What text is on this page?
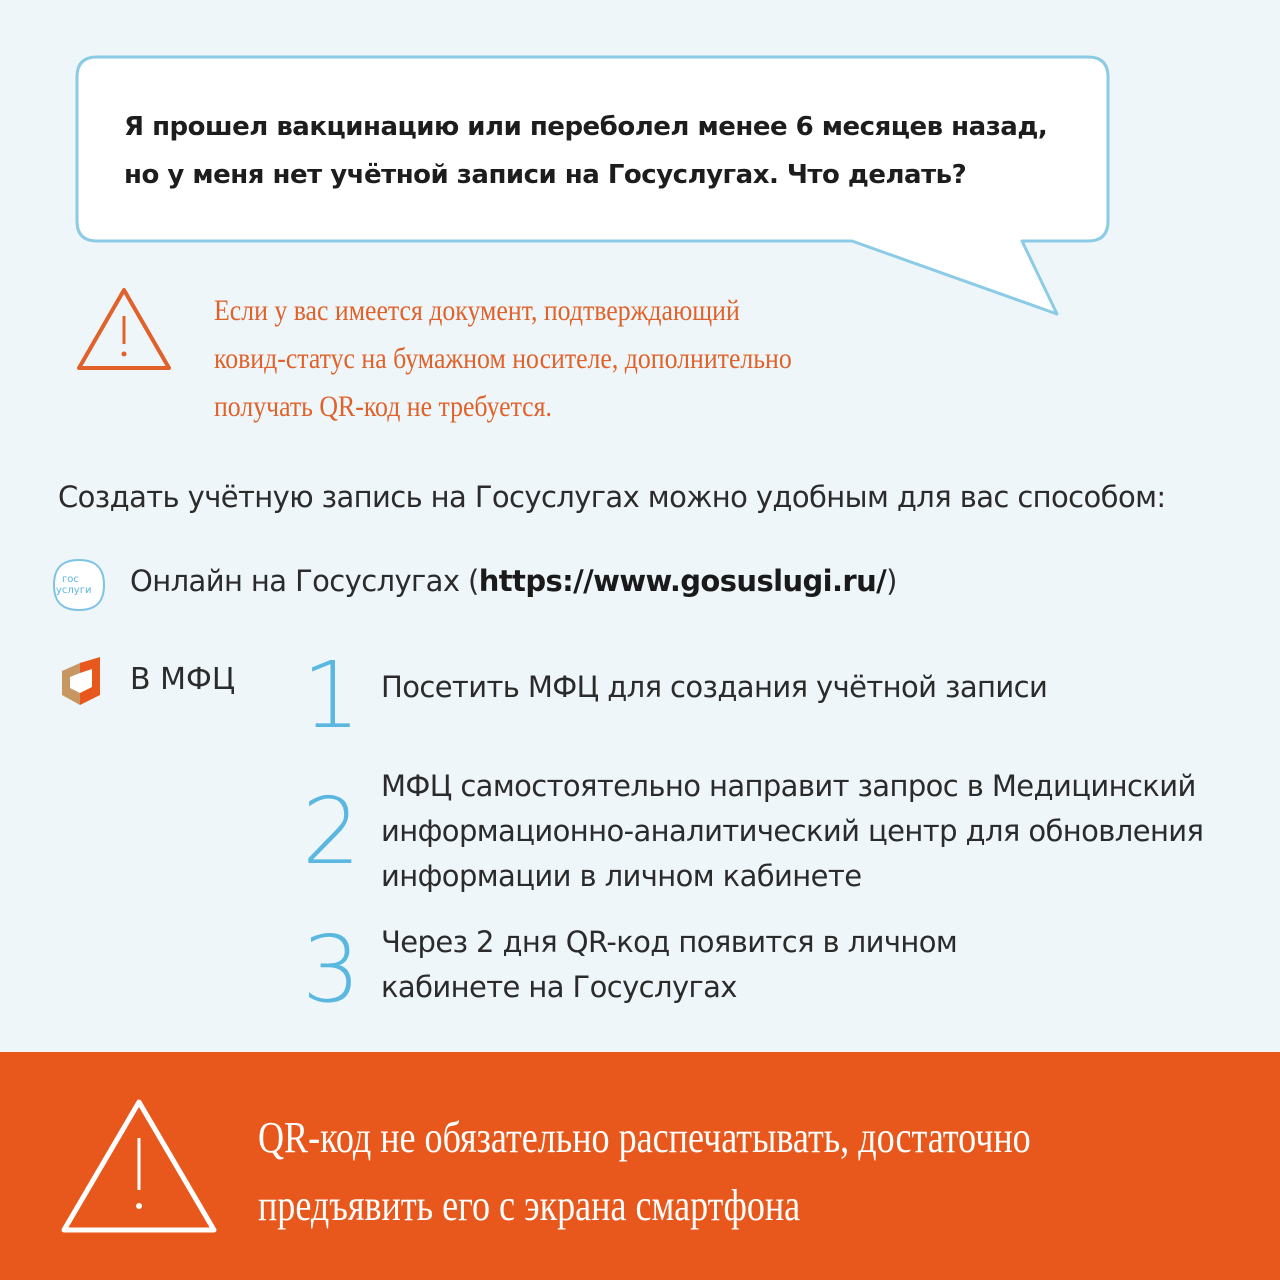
Я прошел вакцинацию или переболел менее 6 месяцев назад,
но у меня нет учётной записи на Госуслугах. Что делать?
Если у вас имеется документ, подтверждающий
ковид-статус на бумажном носителе, дополнительно
получать QR-код не требуется.
Создать учётную запись на Госуслугах можно удобным для вас способом:
гос
услуги Онлайн на Госуслугах (https://www.gosuslugi.ru/)
В МФЦ 1 Посетить МФЦ для создания учётной записи
2 МФЦ самостоятельно направит запрос в Медицинский
информационно-аналитический центр для обновления
информации в личном кабинете
3 Через 2 дня QR-код появится в личном
кабинете на Госуслугах
QR-код не обязательно распечатывать, достаточно
предъявить его с экрана смартфона
